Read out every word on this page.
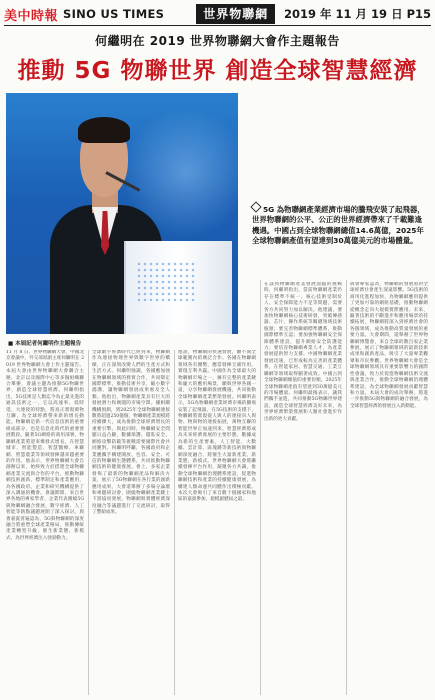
美中時報 SINO US TIMES	世界物聯網	2019 年 11 月 19 日 P15
何繼明在 2019 世界物聯網大會作主題報告
推動 5G 物聯世界 創造全球智慧經濟
5G 為物聯網產業經濟市場的騰飛安裝了起飛器，世界物聯網的公平、公正的世界經濟帶來了千載難逢機遇。中國占到全球物聯網總值14.6萬億，2025年全球物聯網產值有望達到30萬億美元的市場體量。
■ 本屆記者何繼明作主題報告
11 月 8 日，世界物聯網大會，中國北京會議中，外交部原副主席何繼明在 2019 世界物聯網大會上作主題報告。本屆大會由世界物聯網大會聯合主辦、北京以及國際中心等多個組織聯合舉辦，會議主題為推動5G物聯世界，創造全球智慧經濟。何繼明指出，5G技術是人類迄今為止最先進的通訊技術之一，它以高速率、低時延、大連接的特點，將真正實現萬物互聯，為全球經濟帶來新的增長動能。物聯網是新一代信息技術的重要組成部分，也是信息化時代的重要發展階段。隨著5G網絡的商用部署，物聯網產業將迎來爆發式增長，在智慧城市、智能製造、智慧醫療、車聯網、智慧農業等領域發揮越來越重要的作用。他表示，世界物聯網大會自創辦以來，始終致力於搭建全球物聯網產業交流與合作的平台，推動物聯網技術創新、標準制定和產業應用，為各國政府、企業和研究機構提供了深入溝通的機會。會議期間，來自世界各地的專家學者、企業代表圍繞5G與物聯網融合發展、數字經濟、人工智能等熱點議題展開了深入探討。與會嘉賓普遍認為，5G與物聯網的深度融合將重塑全球產業格局，推動傳統產業轉型升級，催生新業態、新模式，為世界經濟注入強勁動力。
全球數字經濟時代已經到來，物聯網作為連接物理世界與數字世界的橋樑，正在深刻改變人們的生產方式和生活方式。何繼明強調，各國應加強在物聯網領域的務實合作，共同制定國際標準，推動技術共享，縮小數字鴻溝，讓物聯網發展成果惠及全人類。他指出，物聯網產業具有巨大的發展潛力和廣闊的市場空間。據相關機構預測，到2025年全球物聯網連接數將超過250億個，物聯網產業規模將持續擴大，成為推動全球經濟增長的重要引擎。與此同時，物聯網安全問題日益凸顯，數據保護、隱私安全、網絡攻擊防範等挑戰需要國際社會共同應對。何繼明呼籲，各國政府和企業應攜手構建開放、包容、安全、可信的物聯網生態體系，共同推動物聯網技術的健康發展。會上，多家企業發佈了最新的物聯網產品和解決方案，展示了5G物聯網在各行業的創新應用成果。大會還舉辦了多場分論壇和專題研討會，圍繞物聯網產業鏈上下游協同發展、物聯網與實體經濟深度融合等議題進行了交流研討，取得了豐碩成果。
他說，物聯網的快速發展，離不開全球範圍內的廣泛合作。各國在物聯網領域各有優勢，應當發揮互補作用，實現互利共贏。中國作為全球最大的物聯網市場之一，擁有完整的產業鏈和龐大的應用場景，願與世界各國一道，分享物聯網發展機遇，共同推動全球物聯網產業繁榮發展。何繼明表示，5G為物聯網產業經濟市場的騰飛安裝了起飛器，在5G技術的支撐下，物聯網將實現從人與人的連接向人與物、物與物的連接拓展，萬物互聯的智能世界正加速到來。智慧經濟將成為未來經濟發展的主要形態，數據成為新的生產要素，人工智能、大數據、雲計算、區塊鏈等新技術與物聯網深度融合，將催生大量新產業、新業態、新模式。世界物聯網大會將繼續發揮平台作用，凝聚各方共識，推動全球物聯網治理體系建設，促進物聯網技術和產業的持續健康發展，為構建人類命運共同體作出積極貢獻。本次大會吸引了來自數十個國家和地區的嘉賓參加，規模創歷屆之最。
在談到物聯網產業發展面臨的挑戰時，何繼明指出，當前物聯網產業仍存在標準不統一、核心技術受制於人、安全保障能力不足等問題，需要各方共同努力加以解決。他建議，要加快物聯網核心技術研發，突破傳感器、芯片、操作系統等關鍵領域技術瓶頸；要完善物聯網標準體系，推動國際標準互認；要加強物聯網安全保障體系建設，提升網絡安全防護能力；要培育物聯網專業人才，為產業發展提供智力支撐。中國物聯網產業發展迅速，已形成較為完善的產業體系，在智能家居、智慧交通、工業互聯網等領域取得顯著成效。中國占到全球物聯網總值的重要份額，2025年全球物聯網產值有望達到30萬億美元的市場體量。何繼明最後表示，讓我們攜手並進，共同推動5G物聯世界建設，創造全球智慧經濟美好未來，為世界經濟繁榮發展和人類社會進步作出新的更大貢獻。
與會專家認為，物聯網的發展將對全球經濟社會產生深遠影響。5G技術的商用化進程加快，為物聯網應用提供了更加可靠的網絡基礎，推動物聯網從概念走向大規模實際應用。未來，隨著技術的不斷進步和應用場景的持續拓展，物聯網將深入到經濟社會的各個領域，成為推動高質量發展的重要力量。大會期間，還舉辦了世界物聯網博覽會，來自全球的數百家企業參展，展示了物聯網領域的最新技術成果和創新產品，吸引了大量專業觀眾和市民參觀。世界物聯網大會是全球物聯網領域具有重要影響力的國際性會議，致力於促進物聯網技術交流與產業合作，推動全球物聯網治理體系建設，為全球物聯網發展貢獻智慧和力量。本屆大會的成功舉辦，將進一步推動5G與物聯網的融合發展，為全球智慧經濟的發展注入新動能。
